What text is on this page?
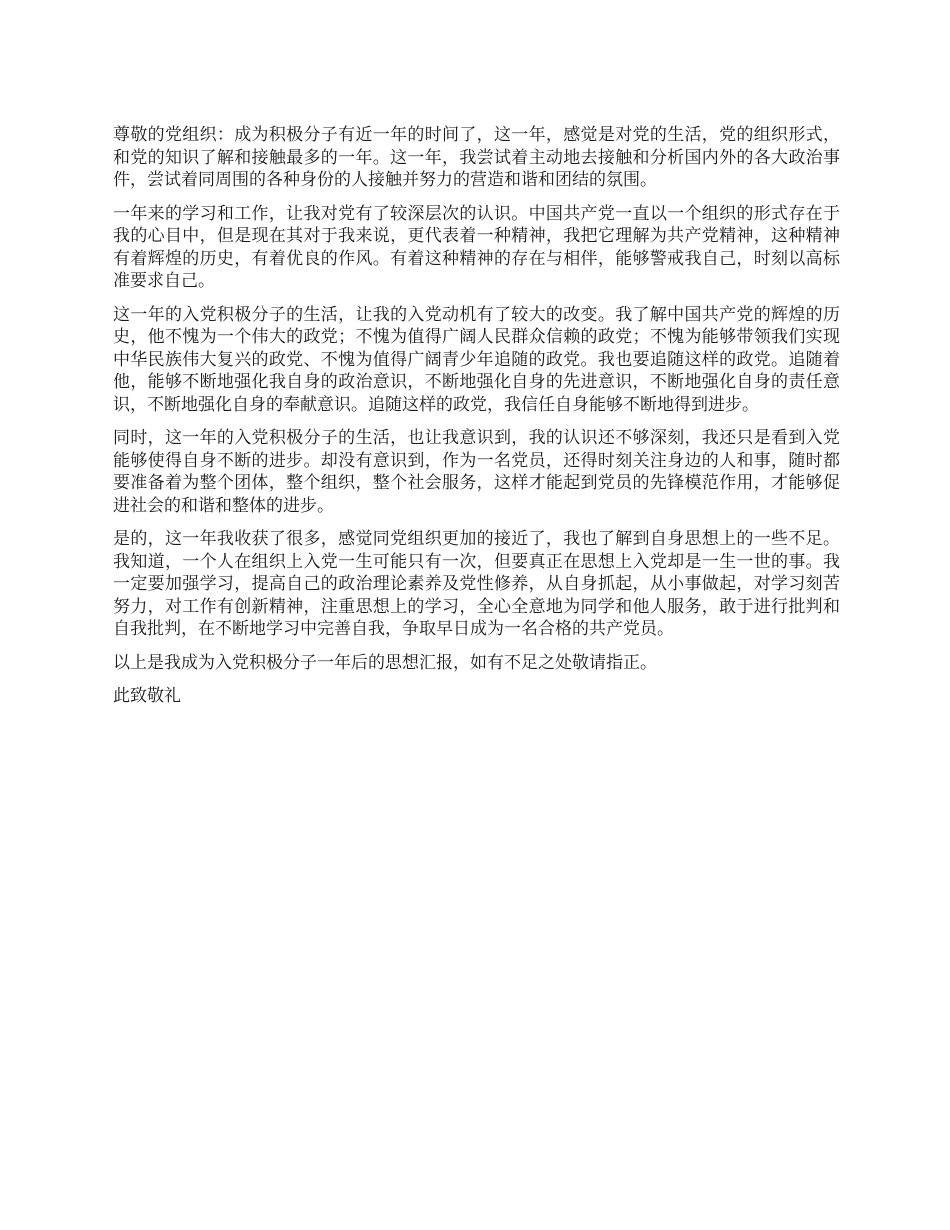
尊敬的党组织：成为积极分子有近一年的时间了，这一年，感觉是对党的生活，党的组织形式，和党的知识了解和接触最多的一年。这一年，我尝试着主动地去接触和分析国内外的各大政治事件，尝试着同周围的各种身份的人接触并努力的营造和谐和团结的氛围。

一年来的学习和工作，让我对党有了较深层次的认识。中国共产党一直以一个组织的形式存在于我的心目中，但是现在其对于我来说，更代表着一种精神，我把它理解为共产党精神，这种精神有着辉煌的历史，有着优良的作风。有着这种精神的存在与相伴，能够警戒我自己，时刻以高标准要求自己。

这一年的入党积极分子的生活，让我的入党动机有了较大的改变。我了解中国共产党的辉煌的历史，他不愧为一个伟大的政党；不愧为值得广阔人民群众信赖的政党；不愧为能够带领我们实现中华民族伟大复兴的政党、不愧为值得广阔青少年追随的政党。我也要追随这样的政党。追随着他，能够不断地强化我自身的政治意识，不断地强化自身的先进意识，不断地强化自身的责任意识，不断地强化自身的奉献意识。追随这样的政党，我信任自身能够不断地得到进步。

同时，这一年的入党积极分子的生活，也让我意识到，我的认识还不够深刻，我还只是看到入党能够使得自身不断的进步。却没有意识到，作为一名党员，还得时刻关注身边的人和事，随时都要准备着为整个团体，整个组织，整个社会服务，这样才能起到党员的先锋模范作用，才能够促进社会的和谐和整体的进步。

是的，这一年我收获了很多，感觉同党组织更加的接近了，我也了解到自身思想上的一些不足。我知道，一个人在组织上入党一生可能只有一次，但要真正在思想上入党却是一生一世的事。我一定要加强学习，提高自己的政治理论素养及党性修养，从自身抓起，从小事做起，对学习刻苦努力，对工作有创新精神，注重思想上的学习，全心全意地为同学和他人服务，敢于进行批判和自我批判，在不断地学习中完善自我，争取早日成为一名合格的共产党员。

以上是我成为入党积极分子一年后的思想汇报，如有不足之处敬请指正。

此致敬礼
